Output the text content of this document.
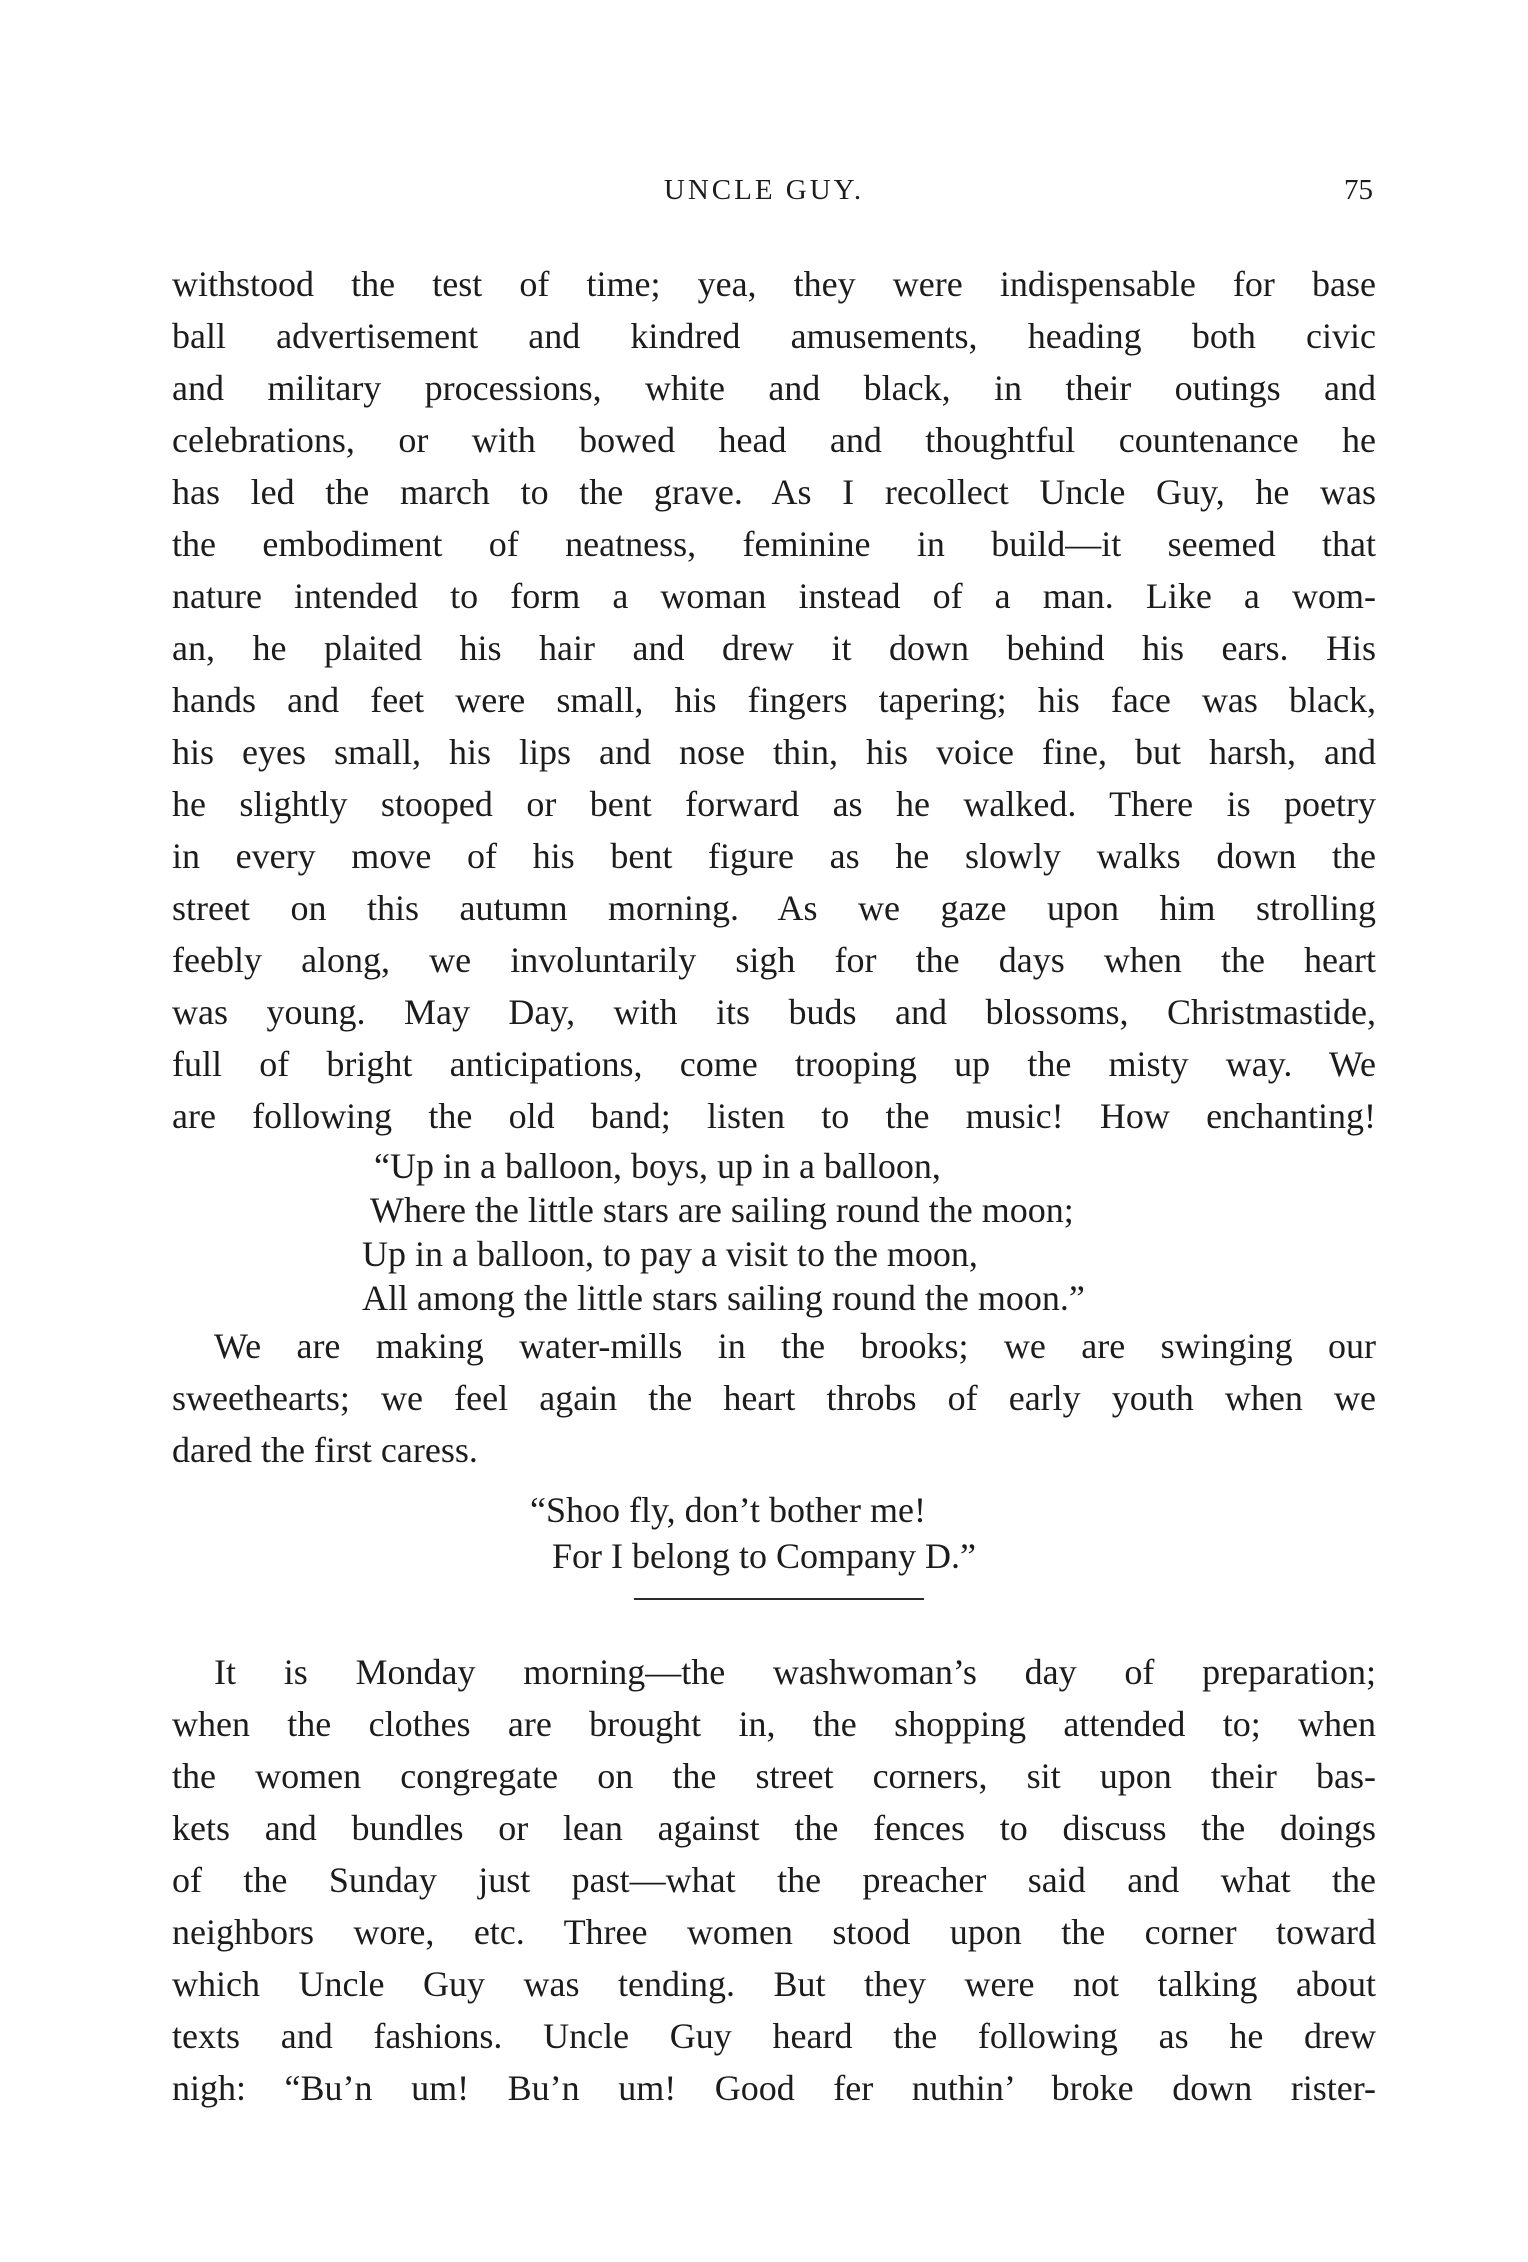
UNCLE GUY.	75
withstood the test of time; yea, they were indispensable for base
ball advertisement and kindred amusements, heading both civic
and military processions, white and black, in their outings and
celebrations, or with bowed head and thoughtful countenance he
has led the march to the grave. As I recollect Uncle Guy, he was
the embodiment of neatness, feminine in build—it seemed that
nature intended to form a woman instead of a man. Like a wom-
an, he plaited his hair and drew it down behind his ears. His
hands and feet were small, his fingers tapering; his face was black,
his eyes small, his lips and nose thin, his voice fine, but harsh, and
he slightly stooped or bent forward as he walked. There is poetry
in every move of his bent figure as he slowly walks down the
street on this autumn morning. As we gaze upon him strolling
feebly along, we involuntarily sigh for the days when the heart
was young. May Day, with its buds and blossoms, Christmastide,
full of bright anticipations, come trooping up the misty way. We
are following the old band; listen to the music! How enchanting!
“Up in a balloon, boys, up in a balloon,
Where the little stars are sailing round the moon;
Up in a balloon, to pay a visit to the moon,
All among the little stars sailing round the moon.”
We are making water-mills in the brooks; we are swinging our
sweethearts; we feel again the heart throbs of early youth when we
dared the first caress.
“Shoo fly, don’t bother me!
For I belong to Company D.”
It is Monday morning—the washwoman’s day of preparation;
when the clothes are brought in, the shopping attended to; when
the women congregate on the street corners, sit upon their bas-
kets and bundles or lean against the fences to discuss the doings
of the Sunday just past—what the preacher said and what the
neighbors wore, etc. Three women stood upon the corner toward
which Uncle Guy was tending. But they were not talking about
texts and fashions. Uncle Guy heard the following as he drew
nigh: “Bu’n um! Bu’n um! Good fer nuthin’ broke down rister-
